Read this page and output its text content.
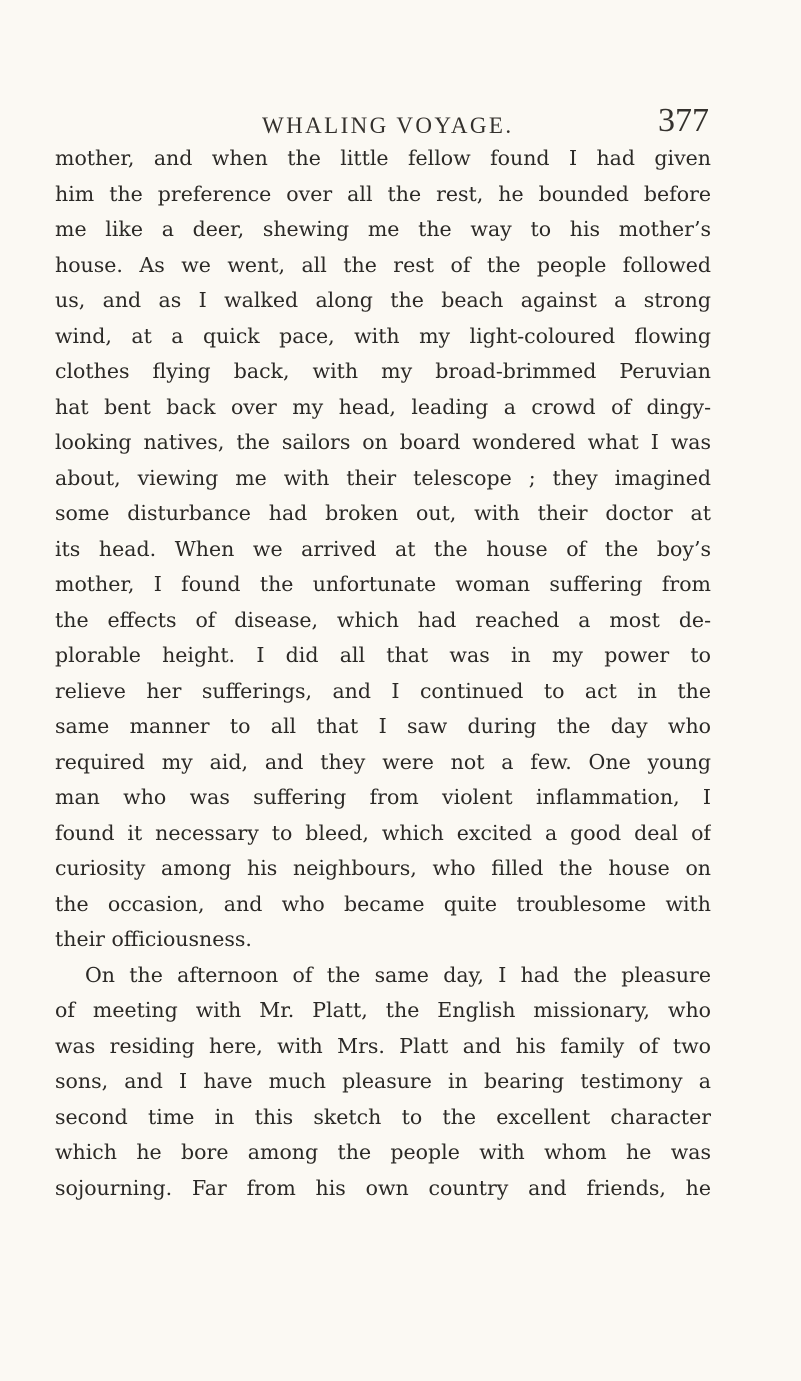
WHALING VOYAGE.	377
mother, and when the little fellow found I had given
him the preference over all the rest, he bounded before
me like a deer, shewing me the way to his mother’s
house. As we went, all the rest of the people followed
us, and as I walked along the beach against a strong
wind, at a quick pace, with my light-coloured flowing
clothes flying back, with my broad-brimmed Peruvian
hat bent back over my head, leading a crowd of dingy-
looking natives, the sailors on board wondered what I was
about, viewing me with their telescope ; they imagined
some disturbance had broken out, with their doctor at
its head. When we arrived at the house of the boy’s
mother, I found the unfortunate woman suffering from
the effects of disease, which had reached a most de-
plorable height. I did all that was in my power to
relieve her sufferings, and I continued to act in the
same manner to all that I saw during the day who
required my aid, and they were not a few. One young
man who was suffering from violent inflammation, I
found it necessary to bleed, which excited a good deal of
curiosity among his neighbours, who filled the house on
the occasion, and who became quite troublesome with
their officiousness.
On the afternoon of the same day, I had the pleasure
of meeting with Mr. Platt, the English missionary, who
was residing here, with Mrs. Platt and his family of two
sons, and I have much pleasure in bearing testimony a
second time in this sketch to the excellent character
which he bore among the people with whom he was
sojourning. Far from his own country and friends, he
